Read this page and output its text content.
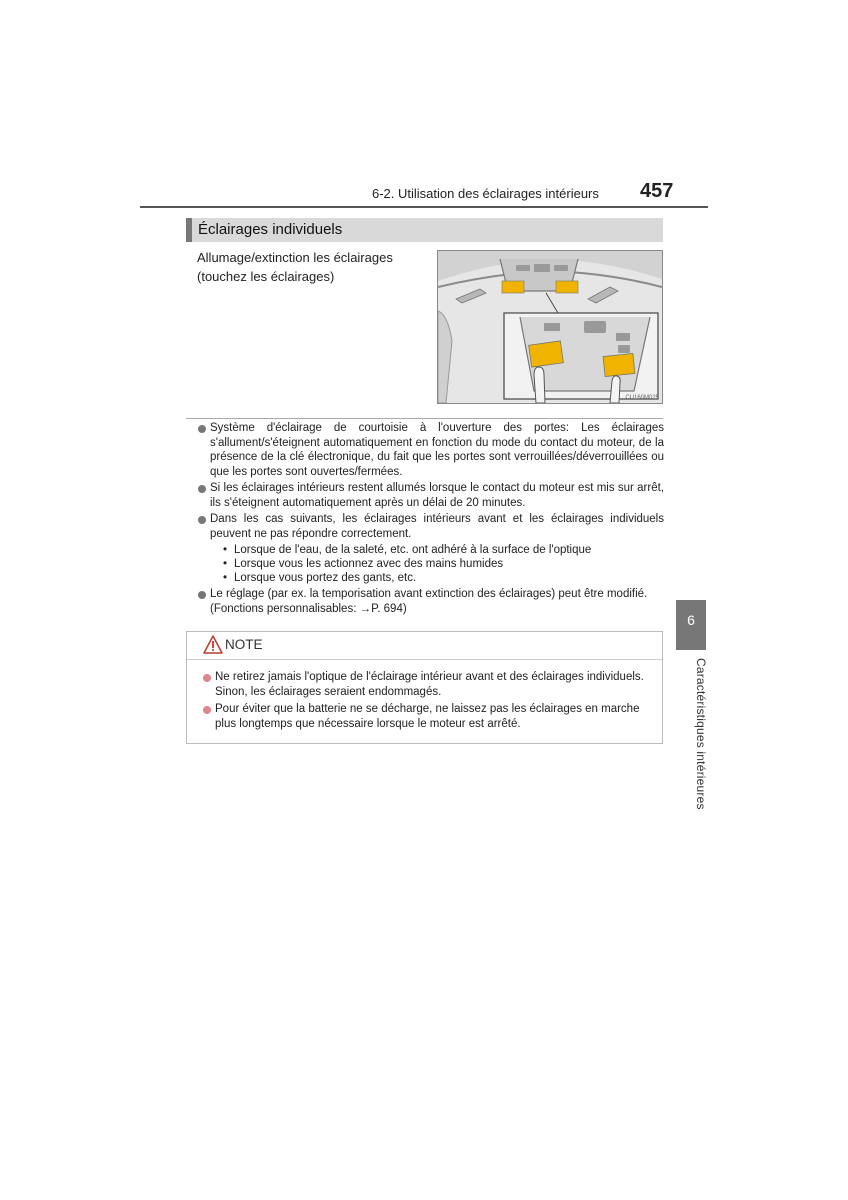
6-2. Utilisation des éclairages intérieurs 457
Éclairages individuels
Allumage/extinction les éclairages
(touchez les éclairages)
CU160M025
Système d'éclairage de courtoisie à l'ouverture des portes: Les éclairages s'allument/s'éteignent automatiquement en fonction du mode du contact du moteur, de la présence de la clé électronique, du fait que les portes sont verrouillées/déverrouillées ou que les portes sont ouvertes/fermées.
Si les éclairages intérieurs restent allumés lorsque le contact du moteur est mis sur arrêt, ils s'éteignent automatiquement après un délai de 20 minutes.
Dans les cas suivants, les éclairages intérieurs avant et les éclairages individuels peuvent ne pas répondre correctement.
• Lorsque de l'eau, de la saleté, etc. ont adhéré à la surface de l'optique
• Lorsque vous les actionnez avec des mains humides
• Lorsque vous portez des gants, etc.
Le réglage (par ex. la temporisation avant extinction des éclairages) peut être modifié.
(Fonctions personnalisables: →P. 694)
NOTE
Ne retirez jamais l'optique de l'éclairage intérieur avant et des éclairages individuels. Sinon, les éclairages seraient endommagés.
Pour éviter que la batterie ne se décharge, ne laissez pas les éclairages en marche plus longtemps que nécessaire lorsque le moteur est arrêté.
6
Caractéristiques intérieures
